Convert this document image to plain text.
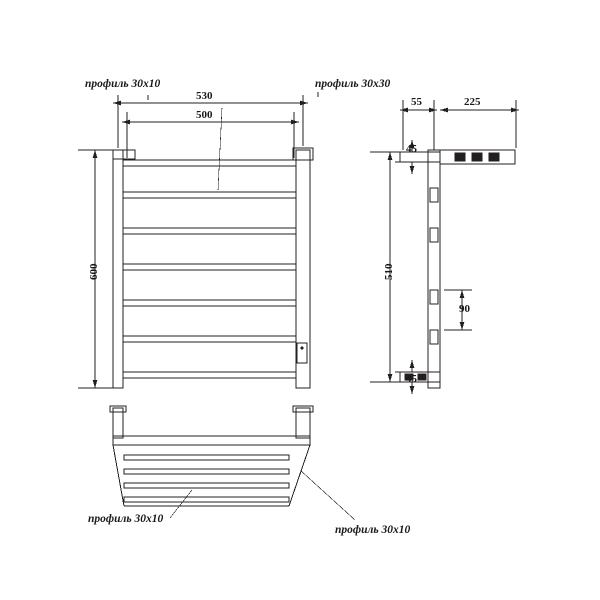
профиль 30x10	профиль 30x30
530
500
600
55	225
45
510
90
45
профиль 30x10
профиль 30x10
